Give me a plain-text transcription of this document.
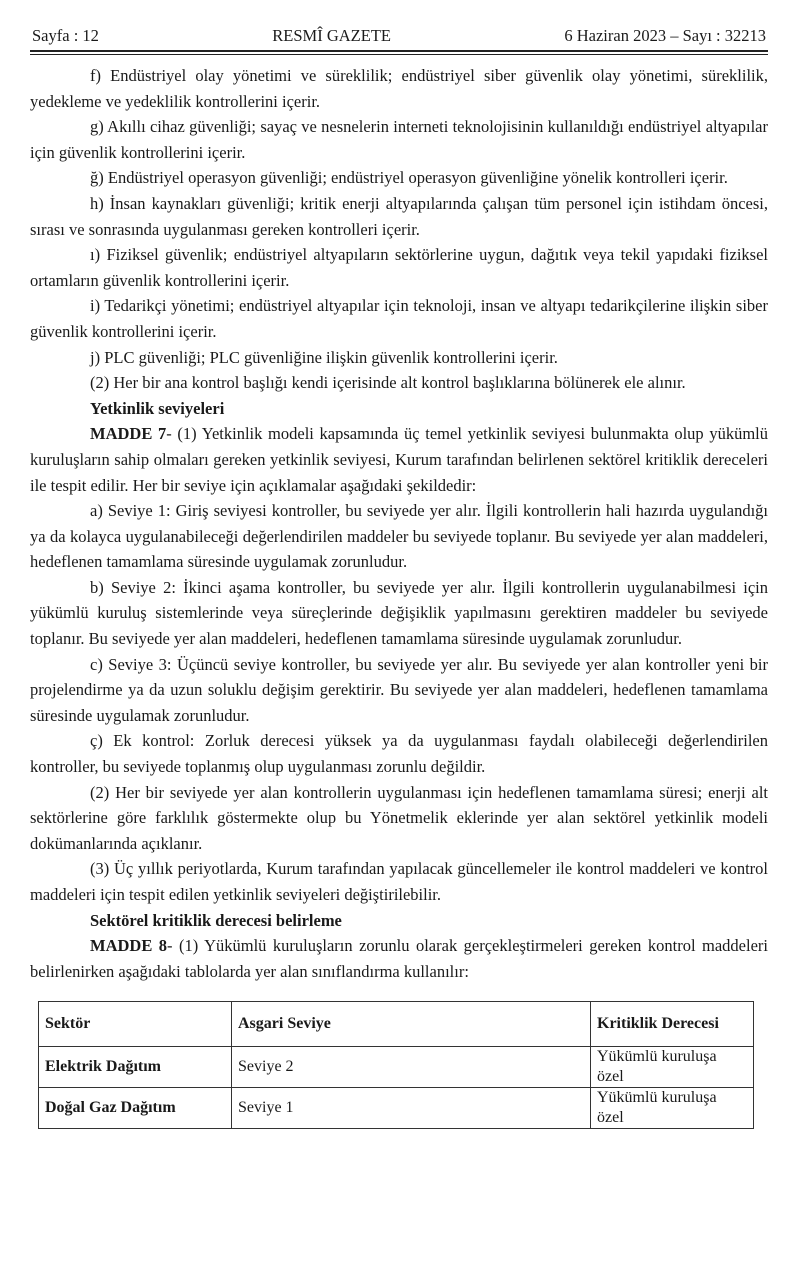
Sayfa : 12	RESMÎ GAZETE	6 Haziran 2023 – Sayı : 32213

f) Endüstriyel olay yönetimi ve süreklilik; endüstriyel siber güvenlik olay yönetimi, süreklilik, yedekleme ve yedeklilik kontrollerini içerir.

g) Akıllı cihaz güvenliği; sayaç ve nesnelerin interneti teknolojisinin kullanıldığı endüstriyel altyapılar için güvenlik kontrollerini içerir.

ğ) Endüstriyel operasyon güvenliği; endüstriyel operasyon güvenliğine yönelik kontrolleri içerir.

h) İnsan kaynakları güvenliği; kritik enerji altyapılarında çalışan tüm personel için istihdam öncesi, sırası ve sonrasında uygulanması gereken kontrolleri içerir.

ı) Fiziksel güvenlik; endüstriyel altyapıların sektörlerine uygun, dağıtık veya tekil yapıdaki fiziksel ortamların güvenlik kontrollerini içerir.

i) Tedarikçi yönetimi; endüstriyel altyapılar için teknoloji, insan ve altyapı tedarikçilerine ilişkin siber güvenlik kontrollerini içerir.

j) PLC güvenliği; PLC güvenliğine ilişkin güvenlik kontrollerini içerir.

(2) Her bir ana kontrol başlığı kendi içerisinde alt kontrol başlıklarına bölünerek ele alınır.

Yetkinlik seviyeleri

MADDE 7- (1) Yetkinlik modeli kapsamında üç temel yetkinlik seviyesi bulunmakta olup yükümlü kuruluşların sahip olmaları gereken yetkinlik seviyesi, Kurum tarafından belirlenen sektörel kritiklik dereceleri ile tespit edilir. Her bir seviye için açıklamalar aşağıdaki şekildedir:

a) Seviye 1: Giriş seviyesi kontroller, bu seviyede yer alır. İlgili kontrollerin hali hazırda uygulandığı ya da kolayca uygulanabileceği değerlendirilen maddeler bu seviyede toplanır. Bu seviyede yer alan maddeleri, hedeflenen tamamlama süresinde uygulamak zorunludur.

b) Seviye 2: İkinci aşama kontroller, bu seviyede yer alır. İlgili kontrollerin uygulanabilmesi için yükümlü kuruluş sistemlerinde veya süreçlerinde değişiklik yapılmasını gerektiren maddeler bu seviyede toplanır. Bu seviyede yer alan maddeleri, hedeflenen tamamlama süresinde uygulamak zorunludur.

c) Seviye 3: Üçüncü seviye kontroller, bu seviyede yer alır. Bu seviyede yer alan kontroller yeni bir projelendirme ya da uzun soluklu değişim gerektirir. Bu seviyede yer alan maddeleri, hedeflenen tamamlama süresinde uygulamak zorunludur.

ç) Ek kontrol: Zorluk derecesi yüksek ya da uygulanması faydalı olabileceği değerlendirilen kontroller, bu seviyede toplanmış olup uygulanması zorunlu değildir.

(2) Her bir seviyede yer alan kontrollerin uygulanması için hedeflenen tamamlama süresi; enerji alt sektörlerine göre farklılık göstermekte olup bu Yönetmelik eklerinde yer alan sektörel yetkinlik modeli dokümanlarında açıklanır.

(3) Üç yıllık periyotlarda, Kurum tarafından yapılacak güncellemeler ile kontrol maddeleri ve kontrol maddeleri için tespit edilen yetkinlik seviyeleri değiştirilebilir.

Sektörel kritiklik derecesi belirleme

MADDE 8- (1) Yükümlü kuruluşların zorunlu olarak gerçekleştirmeleri gereken kontrol maddeleri belirlenirken aşağıdaki tablolarda yer alan sınıflandırma kullanılır:

Sektör	Asgari Seviye	Kritiklik Derecesi
Elektrik Dağıtım	Seviye 2	Yükümlü kuruluşa özel
Doğal Gaz Dağıtım	Seviye 1	Yükümlü kuruluşa özel
